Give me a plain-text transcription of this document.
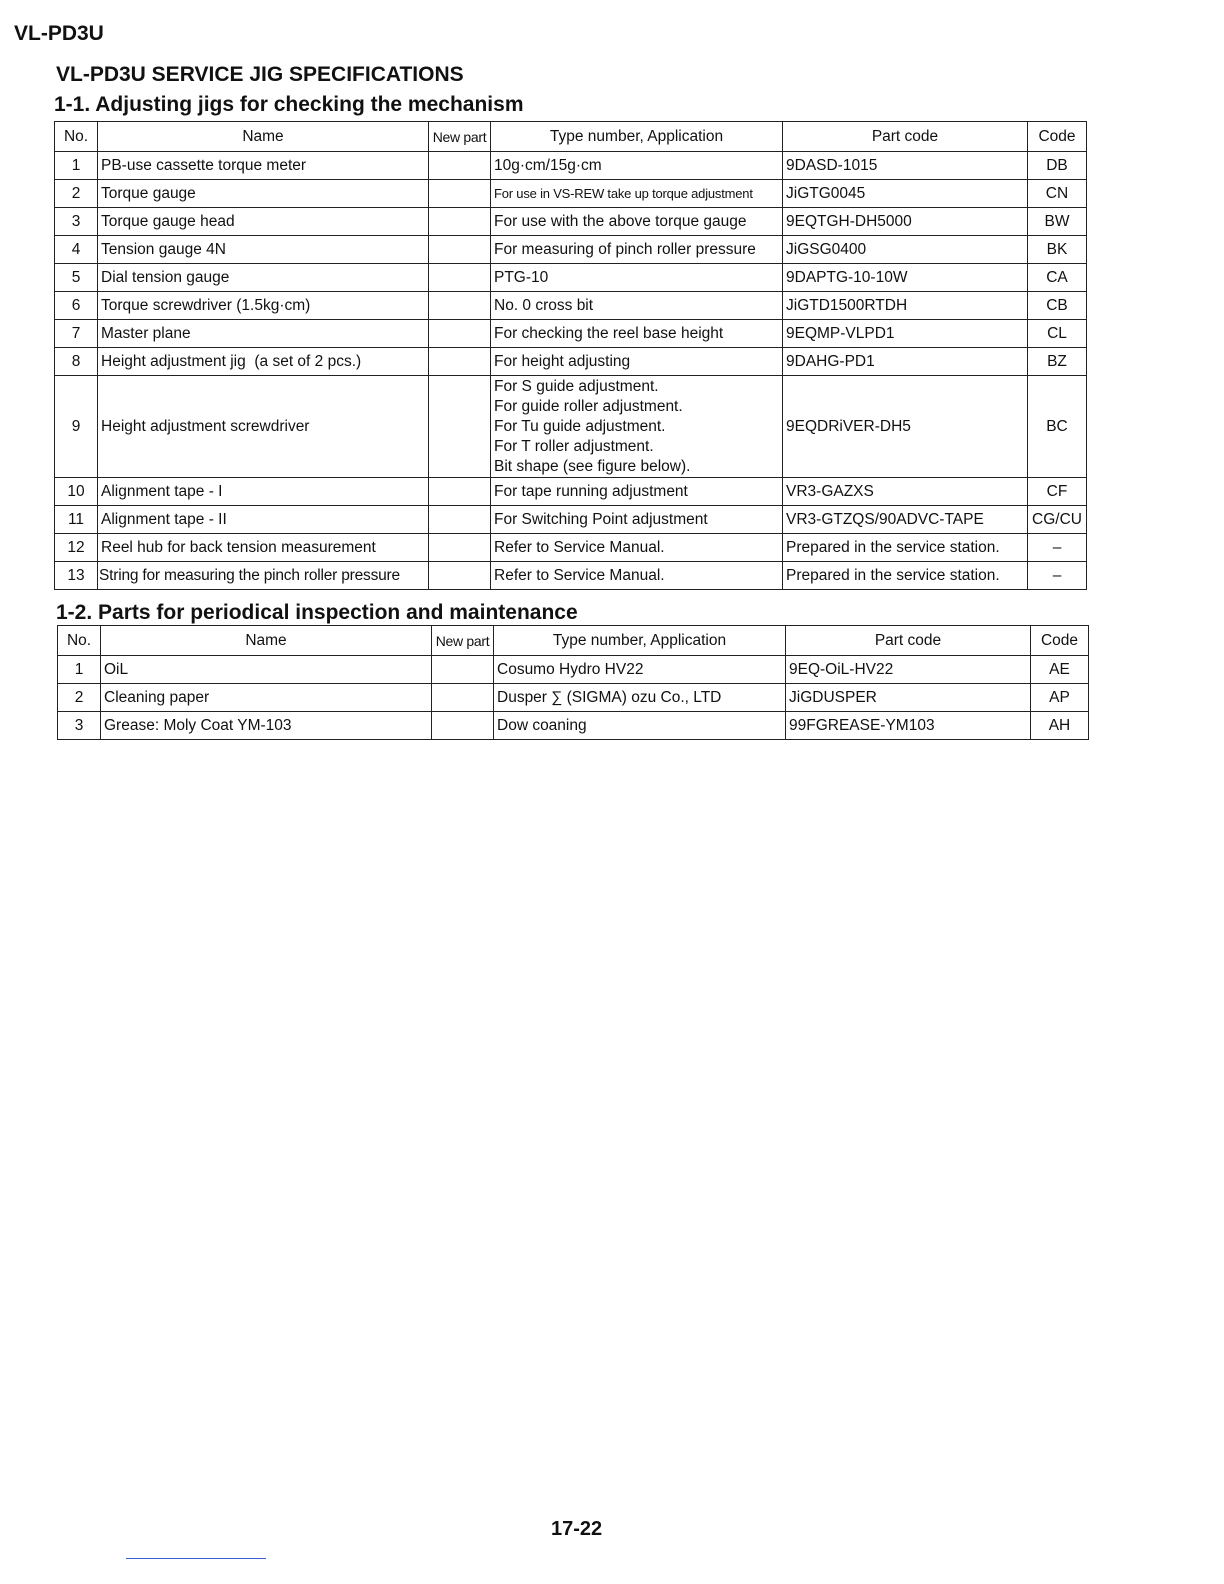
VL-PD3U
VL-PD3U SERVICE JIG SPECIFICATIONS
1-1. Adjusting jigs for checking the mechanism
No.	Name	New part	Type number, Application	Part code	Code
1	PB-use cassette torque meter		10g·cm/15g·cm	9DASD-1015	DB
2	Torque gauge		For use in VS-REW take up torque adjustment	JiGTG0045	CN
3	Torque gauge head		For use with the above torque gauge	9EQTGH-DH5000	BW
4	Tension gauge 4N		For measuring of pinch roller pressure	JiGSG0400	BK
5	Dial tension gauge		PTG-10	9DAPTG-10-10W	CA
6	Torque screwdriver (1.5kg·cm)		No. 0 cross bit	JiGTD1500RTDH	CB
7	Master plane		For checking the reel base height	9EQMP-VLPD1	CL
8	Height adjustment jig  (a set of 2 pcs.)		For height adjusting	9DAHG-PD1	BZ
9	Height adjustment screwdriver		For S guide adjustment.
For guide roller adjustment.
For Tu guide adjustment.
For T roller adjustment.
Bit shape (see figure below).	9EQDRiVER-DH5	BC
10	Alignment tape - I		For tape running adjustment	VR3-GAZXS	CF
11	Alignment tape - II		For Switching Point adjustment	VR3-GTZQS/90ADVC-TAPE	CG/CU
12	Reel hub for back tension measurement		Refer to Service Manual.	Prepared in the service station.	–
13	String for measuring the pinch roller pressure		Refer to Service Manual.	Prepared in the service station.	–
1-2. Parts for periodical inspection and maintenance
No.	Name	New part	Type number, Application	Part code	Code
1	OiL		Cosumo Hydro HV22	9EQ-OiL-HV22	AE
2	Cleaning paper		Dusper ∑ (SIGMA) ozu Co., LTD	JiGDUSPER	AP
3	Grease: Moly Coat YM-103		Dow coaning	99FGREASE-YM103	AH
17-22
